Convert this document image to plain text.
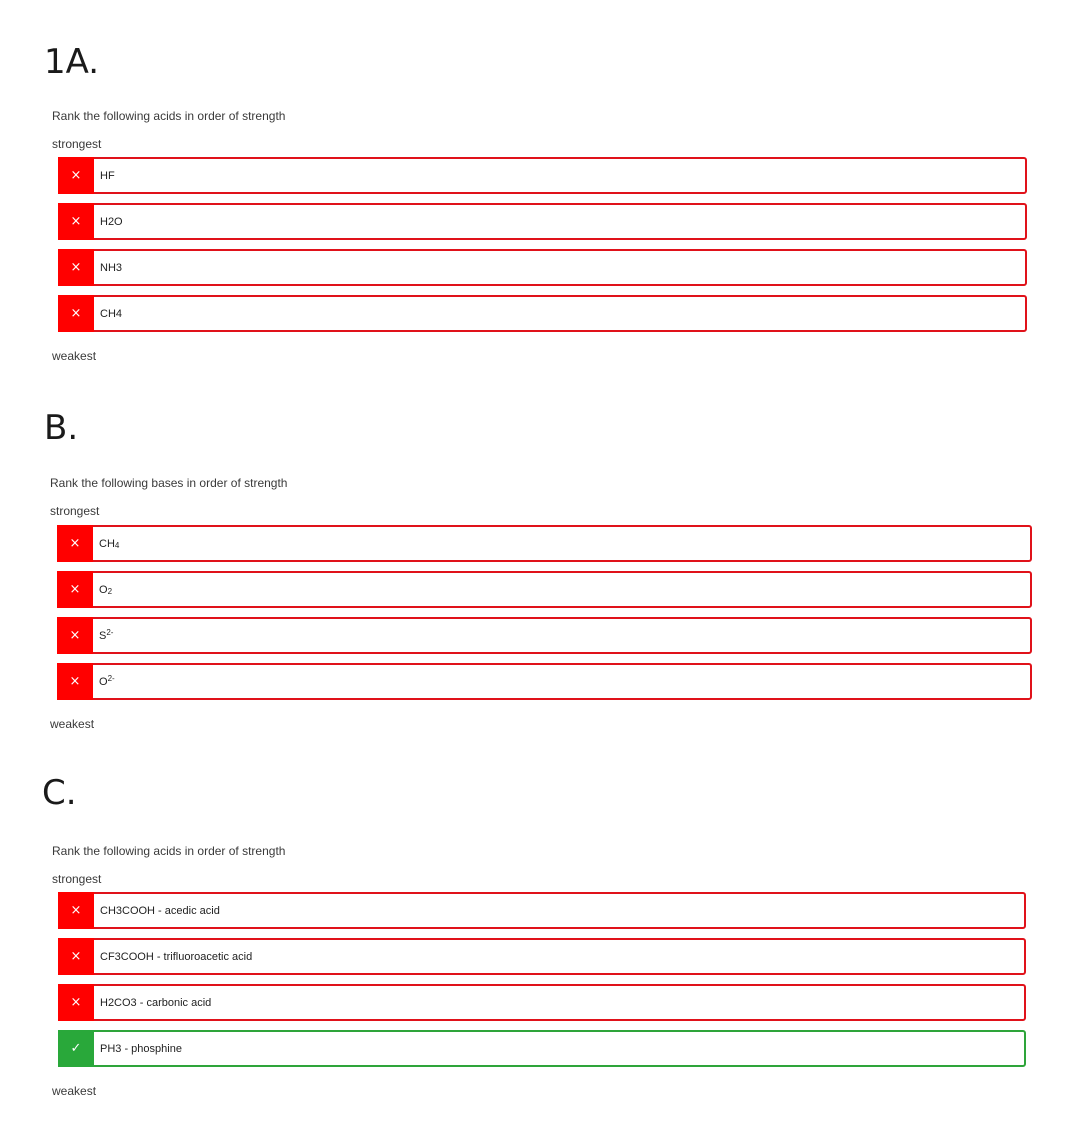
1A.
Rank the following acids in order of strength
strongest
×	HF
×	H2O
×	NH3
×	CH4
weakest
B.
Rank the following bases in order of strength
strongest
×	$CH_4$
×	$O_2$
×	$S^{2-}$
×	$O^{2-}$
weakest
C.
Rank the following acids in order of strength
strongest
×	CH3COOH - acedic acid
×	CF3COOH - trifluoroacetic acid
×	H2CO3 - carbonic acid
✓	PH3 - phosphine
weakest
